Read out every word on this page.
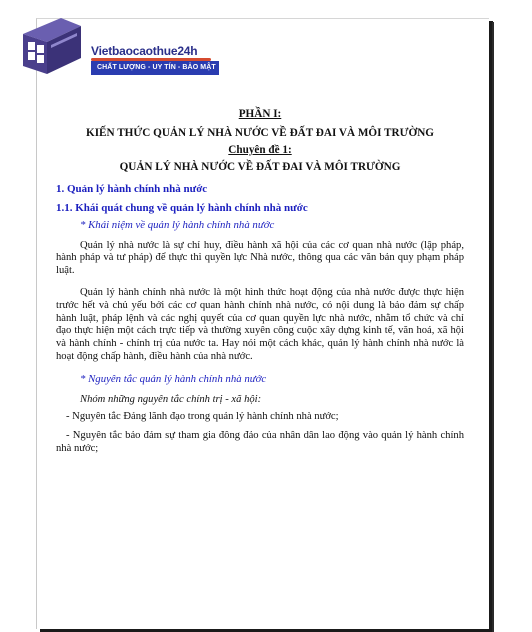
Vietbaocaothue24h
CHẤT LƯỢNG - UY TÍN - BẢO MẬT
PHẦN I:
KIẾN THỨC QUẢN LÝ NHÀ NƯỚC VỀ ĐẤT ĐAI VÀ MÔI TRƯỜNG
Chuyên đề 1:
QUẢN LÝ NHÀ NƯỚC VỀ ĐẤT ĐAI VÀ MÔI TRƯỜNG
1. Quản lý hành chính nhà nước
1.1. Khái quát chung về quản lý hành chính nhà nước
* Khái niệm về quản lý hành chính nhà nước

Quản lý nhà nước là sự chỉ huy, điều hành xã hội của các cơ quan nhà nước (lập pháp, hành pháp và tư pháp) để thực thi quyền lực Nhà nước, thông qua các văn bản quy phạm pháp luật.

Quản lý hành chính nhà nước là một hình thức hoạt động của nhà nước được thực hiện trước hết và chủ yếu bởi các cơ quan hành chính nhà nước, có nội dung là bảo đảm sự chấp hành luật, pháp lệnh và các nghị quyết của cơ quan quyền lực nhà nước, nhằm tổ chức và chỉ đạo thực hiện một cách trực tiếp và thường xuyên công cuộc xây dựng kinh tế, văn hoá, xã hội và hành chính - chính trị của nước ta. Hay nói một cách khác, quản lý hành chính nhà nước là hoạt động chấp hành, điều hành của nhà nước.

* Nguyên tắc quản lý hành chính nhà nước
Nhóm những nguyên tắc chính trị - xã hội:

- Nguyên tắc Đảng lãnh đạo trong quản lý hành chính nhà nước;

- Nguyên tắc bảo đảm sự tham gia đông đảo của nhân dân lao động vào quản lý hành chính nhà nước;
